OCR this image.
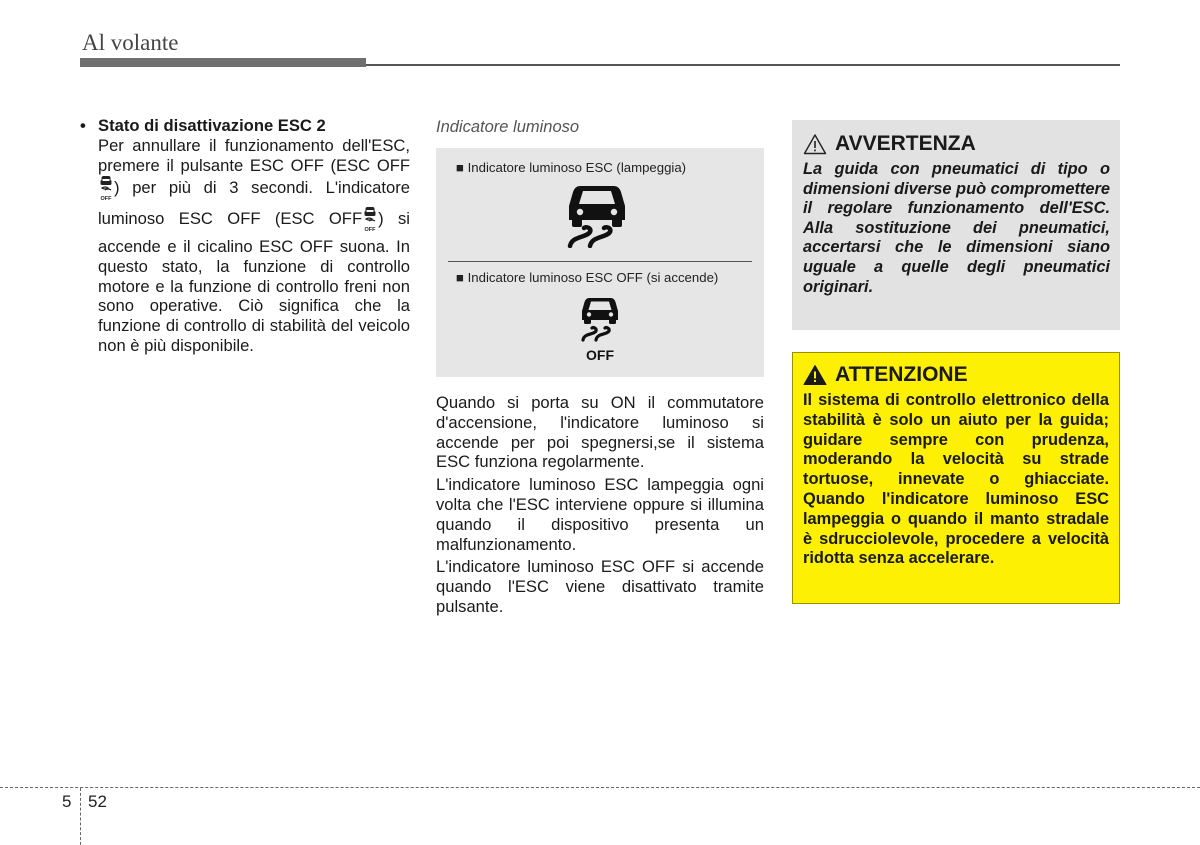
Al volante
• Stato di disattivazione ESC 2
Per annullare il funzionamento dell'ESC, premere il pulsante ESC OFF (ESC OFF
OFF
) per più di 3 secondi. L'indicatore luminoso ESC OFF (ESC OFF
OFF
) si accende e il cicalino ESC OFF suona. In questo stato, la funzione di controllo motore e la funzione di controllo freni non sono operative. Ciò significa che la funzione di controllo di stabilità del veicolo non è più disponibile.
Indicatore luminoso
■ Indicatore luminoso ESC (lampeggia)
■ Indicatore luminoso ESC OFF (si accende)
OFF

Quando si porta su ON il commutatore d'accensione, l'indicatore luminoso si accende per poi spegnersi,se il sistema ESC funziona regolarmente.

L'indicatore luminoso ESC lampeggia ogni volta che l'ESC interviene oppure si illumina quando il dispositivo presenta un malfunzionamento.

L'indicatore luminoso ESC OFF si accende quando l'ESC viene disattivato tramite pulsante.

AVVERTENZA
La guida con pneumatici di tipo o dimensioni diverse può compromettere il regolare funzionamento dell'ESC. Alla sostituzione dei pneumatici, accertarsi che le dimensioni siano uguale a quelle degli pneumatici originari.
ATTENZIONE
Il sistema di controllo elettronico della stabilità è solo un aiuto per la guida; guidare sempre con prudenza, moderando la velocità su strade tortuose, innevate o ghiacciate. Quando l'indicatore luminoso ESC lampeggia o quando il manto stradale è sdrucciolevole, procedere a velocità ridotta senza accelerare.
5 52
